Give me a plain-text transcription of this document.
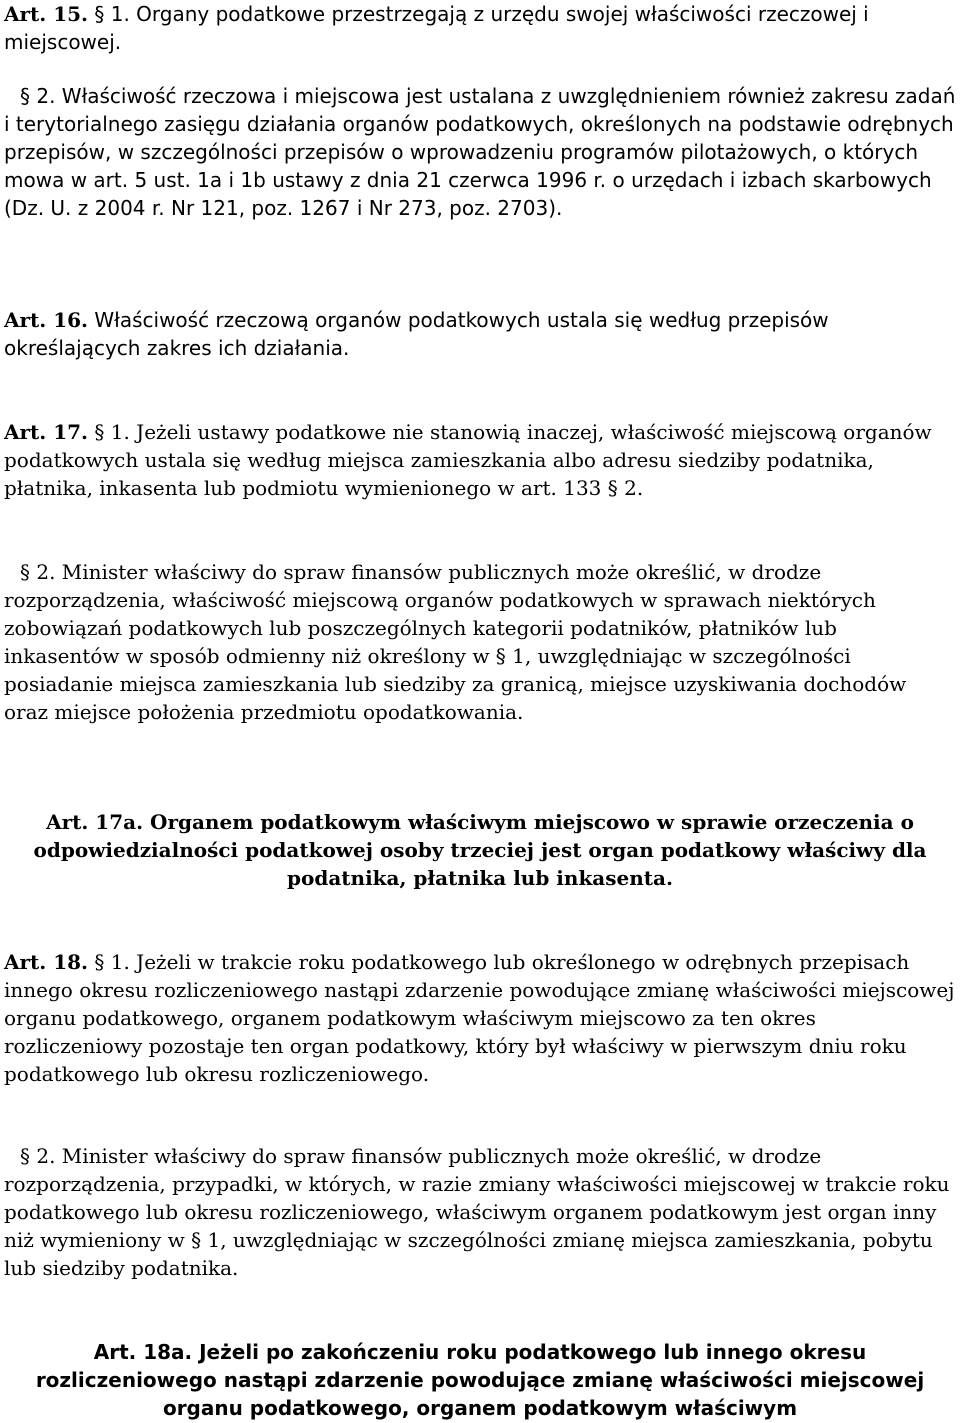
Art. 15. § 1. Organy podatkowe przestrzegają z urzędu swojej właściwości rzeczowej i miejscowej.

§ 2. Właściwość rzeczowa i miejscowa jest ustalana z uwzględnieniem również zakresu zadań i terytorialnego zasięgu działania organów podatkowych, określonych na podstawie odrębnych przepisów, w szczególności przepisów o wprowadzeniu programów pilotażowych, o których mowa w art. 5 ust. 1a i 1b ustawy z dnia 21 czerwca 1996 r. o urzędach i izbach skarbowych (Dz. U. z 2004 r. Nr 121, poz. 1267 i Nr 273, poz. 2703).

Art. 16. Właściwość rzeczową organów podatkowych ustala się według przepisów określających zakres ich działania.

Art. 17. § 1. Jeżeli ustawy podatkowe nie stanowią inaczej, właściwość miejscową organów podatkowych ustala się według miejsca zamieszkania albo adresu siedziby podatnika, płatnika, inkasenta lub podmiotu wymienionego w art. 133 § 2.

§ 2. Minister właściwy do spraw finansów publicznych może określić, w drodze rozporządzenia, właściwość miejscową organów podatkowych w sprawach niektórych zobowiązań podatkowych lub poszczególnych kategorii podatników, płatników lub inkasentów w sposób odmienny niż określony w § 1, uwzględniając w szczególności posiadanie miejsca zamieszkania lub siedziby za granicą, miejsce uzyskiwania dochodów oraz miejsce położenia przedmiotu opodatkowania.

Art. 17a. Organem podatkowym właściwym miejscowo w sprawie orzeczenia o odpowiedzialności podatkowej osoby trzeciej jest organ podatkowy właściwy dla podatnika, płatnika lub inkasenta.

Art. 18. § 1. Jeżeli w trakcie roku podatkowego lub określonego w odrębnych przepisach innego okresu rozliczeniowego nastąpi zdarzenie powodujące zmianę właściwości miejscowej organu podatkowego, organem podatkowym właściwym miejscowo za ten okres rozliczeniowy pozostaje ten organ podatkowy, który był właściwy w pierwszym dniu roku podatkowego lub okresu rozliczeniowego.

§ 2. Minister właściwy do spraw finansów publicznych może określić, w drodze rozporządzenia, przypadki, w których, w razie zmiany właściwości miejscowej w trakcie roku podatkowego lub okresu rozliczeniowego, właściwym organem podatkowym jest organ inny niż wymieniony w § 1, uwzględniając w szczególności zmianę miejsca zamieszkania, pobytu lub siedziby podatnika.

Art. 18a. Jeżeli po zakończeniu roku podatkowego lub innego okresu rozliczeniowego nastąpi zdarzenie powodujące zmianę właściwości miejscowej organu podatkowego, organem podatkowym właściwym
